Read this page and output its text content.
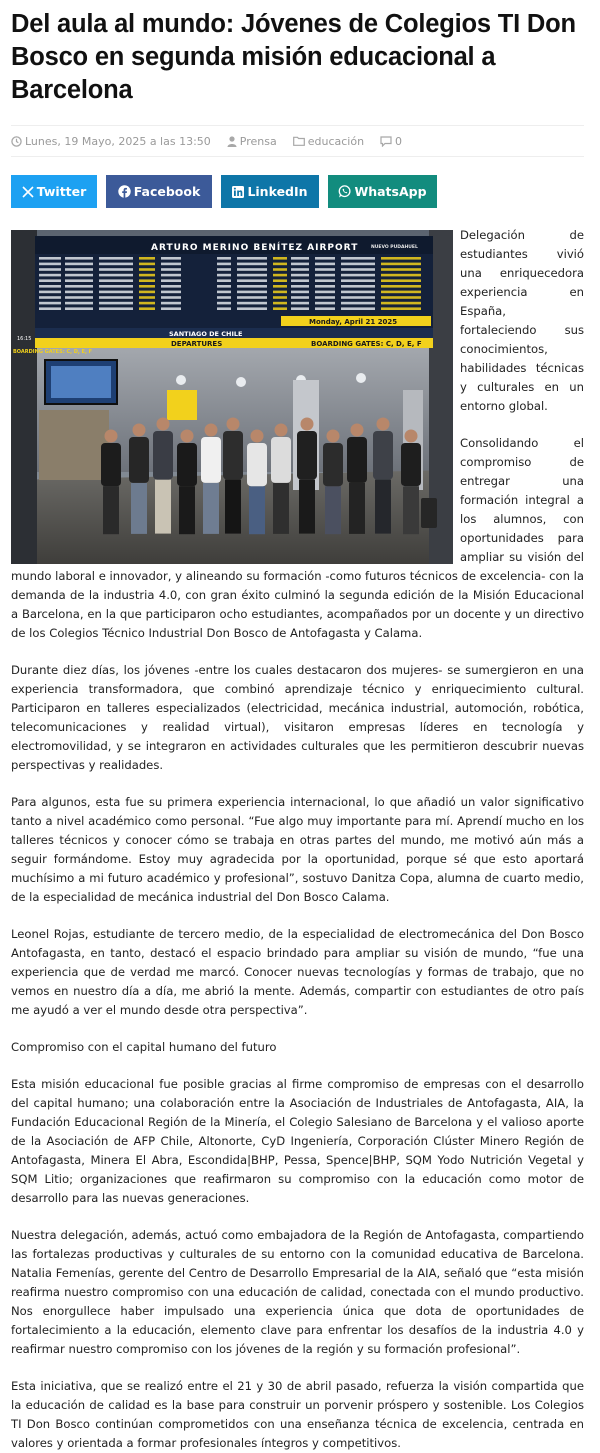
Del aula al mundo: Jóvenes de Colegios TI Don Bosco en segunda misión educacional a Barcelona
Lunes, 19 Mayo, 2025 a las 13:50	Prensa	educación	0
Twitter	Facebook	LinkedIn	WhatsApp
ARTURO MERINO BENÍTEZ AIRPORT	NUEVO PUDAHUEL
Monday, April 21 2025
SANTIAGO DE CHILE
DEPARTURES	BOARDING GATES: C, D, E, F
BOARDING GATES: C, D, E, F
16:15

Delegación de estudiantes vivió una enriquecedora experiencia en España, fortaleciendo sus conocimientos, habilidades técnicas y culturales en un entorno global.

Consolidando el compromiso de entregar una formación integral a los alumnos, con oportunidades para ampliar su visión del mundo laboral e innovador, y alineando su formación -como futuros técnicos de excelencia- con la demanda de la industria 4.0, con gran éxito culminó la segunda edición de la Misión Educacional a Barcelona, en la que participaron ocho estudiantes, acompañados por un docente y un directivo de los Colegios Técnico Industrial Don Bosco de Antofagasta y Calama.

Durante diez días, los jóvenes -entre los cuales destacaron dos mujeres- se sumergieron en una experiencia transformadora, que combinó aprendizaje técnico y enriquecimiento cultural. Participaron en talleres especializados (electricidad, mecánica industrial, automoción, robótica, telecomunicaciones y realidad virtual), visitaron empresas líderes en tecnología y electromovilidad, y se integraron en actividades culturales que les permitieron descubrir nuevas perspectivas y realidades.

Para algunos, esta fue su primera experiencia internacional, lo que añadió un valor significativo tanto a nivel académico como personal. “Fue algo muy importante para mí. Aprendí mucho en los talleres técnicos y conocer cómo se trabaja en otras partes del mundo, me motivó aún más a seguir formándome. Estoy muy agradecida por la oportunidad, porque sé que esto aportará muchísimo a mi futuro académico y profesional”, sostuvo Danitza Copa, alumna de cuarto medio, de la especialidad de mecánica industrial del Don Bosco Calama.

Leonel Rojas, estudiante de tercero medio, de la especialidad de electromecánica del Don Bosco Antofagasta, en tanto, destacó el espacio brindado para ampliar su visión de mundo, “fue una experiencia que de verdad me marcó. Conocer nuevas tecnologías y formas de trabajo, que no vemos en nuestro día a día, me abrió la mente. Además, compartir con estudiantes de otro país me ayudó a ver el mundo desde otra perspectiva”.

Compromiso con el capital humano del futuro

Esta misión educacional fue posible gracias al firme compromiso de empresas con el desarrollo del capital humano; una colaboración entre la Asociación de Industriales de Antofagasta, AIA, la Fundación Educacional Región de la Minería, el Colegio Salesiano de Barcelona y el valioso aporte de la Asociación de AFP Chile, Altonorte, CyD Ingeniería, Corporación Clúster Minero Región de Antofagasta, Minera El Abra, Escondida|BHP, Pessa, Spence|BHP, SQM Yodo Nutrición Vegetal y SQM Litio; organizaciones que reafirmaron su compromiso con la educación como motor de desarrollo para las nuevas generaciones.

Nuestra delegación, además, actuó como embajadora de la Región de Antofagasta, compartiendo las fortalezas productivas y culturales de su entorno con la comunidad educativa de Barcelona. Natalia Femenías, gerente del Centro de Desarrollo Empresarial de la AIA, señaló que “esta misión reafirma nuestro compromiso con una educación de calidad, conectada con el mundo productivo. Nos enorgullece haber impulsado una experiencia única que dota de oportunidades de fortalecimiento a la educación, elemento clave para enfrentar los desafíos de la industria 4.0 y reafirmar nuestro compromiso con los jóvenes de la región y su formación profesional”.

Esta iniciativa, que se realizó entre el 21 y 30 de abril pasado, refuerza la visión compartida que la educación de calidad es la base para construir un porvenir próspero y sostenible. Los Colegios TI Don Bosco continúan comprometidos con una enseñanza técnica de excelencia, centrada en valores y orientada a formar profesionales íntegros y competitivos.
